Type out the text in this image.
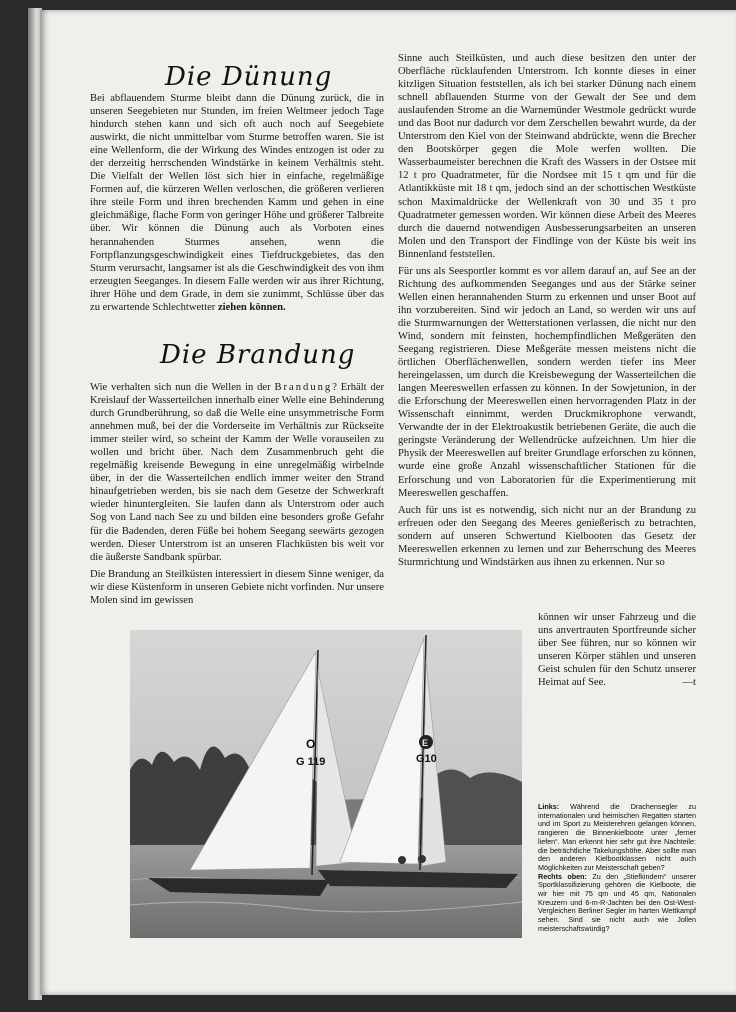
Die Dünung

Bei abflauendem Sturme bleibt dann die Dünung zurück, die in unseren Seegebieten nur Stunden, im freien Weltmeer jedoch Tage hindurch stehen kann und sich oft auch noch auf Seegebiete auswirkt, die nicht unmittelbar vom Sturme betroffen waren. Sie ist eine Wellenform, die der Wirkung des Windes entzogen ist oder zu der derzeitig herrschenden Windstärke in keinem Verhältnis steht. Die Vielfalt der Wellen löst sich hier in einfache, regelmäßige Formen auf, die kürzeren Wellen verloschen, die größeren verlieren ihre steile Form und ihren brechenden Kamm und gehen in eine gleichmäßige, flache Form von geringer Höhe und größerer Talbreite über. Wir können die Dünung auch als Vorboten eines herannahenden Sturmes ansehen, wenn die Fortpflanzungsgeschwindigkeit eines Tiefdruckgebietes, das den Sturm verursacht, langsamer ist als die Geschwindigkeit des von ihm erzeugten Seeganges. In diesem Falle werden wir aus ihrer Richtung, ihrer Höhe und dem Grade, in dem sie zunimmt, Schlüsse über das zu erwartende Schlechtwetter ziehen können.

Die Brandung

Wie verhalten sich nun die Wellen in der Brandung? Erhält der Kreislauf der Wasserteilchen innerhalb einer Welle eine Behinderung durch Grundberührung, so daß die Welle eine unsymmetrische Form annehmen muß, bei der die Vorderseite im Verhältnis zur Rückseite immer steiler wird, so scheint der Kamm der Welle vorauseilen zu wollen und bricht über. Nach dem Zusammenbruch geht die regelmäßig kreisende Bewegung in eine unregelmäßig wirbelnde über, in der die Wasserteilchen endlich immer weiter den Strand hinaufgetrieben werden, bis sie nach dem Gesetze der Schwerkraft wieder hinuntergleiten. Sie laufen dann als Unterstrom oder auch Sog von Land nach See zu und bilden eine besonders große Gefahr für die Badenden, deren Füße bei hohem Seegang seewärts gezogen werden. Dieser Unterstrom ist an unseren Flachküsten bis weit vor die äußerste Sandbank spürbar.

Die Brandung an Steilküsten interessiert in diesem Sinne weniger, da wir diese Küstenform in unseren Gebiete nicht vorfinden. Nur unsere Molen sind im gewissen

Sinne auch Steilküsten, und auch diese besitzen den unter der Oberfläche rücklaufenden Unterstrom. Ich konnte dieses in einer kitzligen Situation feststellen, als ich bei starker Dünung nach einem schnell abflauenden Sturme von der Gewalt der See und dem auslaufenden Strome an die Warnemünder Westmole gedrückt wurde und das Boot nur dadurch vor dem Zerschellen bewahrt wurde, da der Unterstrom den Kiel von der Steinwand abdrückte, wenn die Brecher den Bootskörper gegen die Mole werfen wollten. Die Wasserbaumeister berechnen die Kraft des Wassers in der Ostsee mit 12 t pro Quadratmeter, für die Nordsee mit 15 t qm und für die Atlantikküste mit 18 t qm, jedoch sind an der schottischen Westküste schon Maximaldrücke der Wellenkraft von 30 und 35 t pro Quadratmeter gemessen worden. Wir können diese Arbeit des Meeres durch die dauernd notwendigen Ausbesserungsarbeiten an unseren Molen und den Transport der Findlinge von der Küste bis weit ins Binnenland feststellen.

Für uns als Seesportler kommt es vor allem darauf an, auf See an der Richtung des aufkommenden Seeganges und aus der Stärke seiner Wellen einen herannahenden Sturm zu erkennen und unser Boot auf ihn vorzubereiten. Sind wir jedoch an Land, so werden wir uns auf die Sturmwarnungen der Wetterstationen verlassen, die nicht nur den Wind, sondern mit feinsten, hochempfindlichen Meßgeräten den Seegang registrieren. Diese Meßgeräte messen meistens nicht die örtlichen Oberflächenwellen, sondern werden tiefer ins Meer hereingelassen, um durch die Kreisbewegung der Wasserteilchen die langen Meereswellen erfassen zu können. In der Sowjetunion, in der die Erforschung der Meereswellen einen hervorragenden Platz in der Wissenschaft einnimmt, werden Druckmikrophone verwandt, Verwandte der in der Elektroakustik betriebenen Geräte, die auch die geringste Veränderung der Wellendrücke aufzeichnen. Um hier die Physik der Meereswellen auf breiter Grundlage erforschen zu können, wurde eine große Anzahl wissenschaftlicher Stationen für die Erforschung und von Laboratorien für die Experimentierung mit Meereswellen geschaffen.

Auch für uns ist es notwendig, sich nicht nur an der Brandung zu erfreuen oder den Seegang des Meeres genießerisch zu betrachten, sondern auf unseren Schwertund Kielbooten das Gesetz der Meereswellen erkennen zu lernen und zur Beherrschung des Meeres Sturmrichtung und Windstärken aus ihnen zu erkennen. Nur so

können wir unser Fahrzeug und die uns anvertrauten Sportfreunde sicher über See führen, nur so können wir unseren Körper stählen und unseren Geist schulen für den Schutz unserer Heimat auf See.	—t
O
G 119
E
G10
Links: Während die Drachensegler zu internationalen und heimischen Regatten starten und im Sport zu Meisterehren gelangen können, rangieren die Binnenkielboote unter „ferner liefen“. Man erkennt hier sehr gut ihre Nachteile: die beträchtliche Takelungshöhe. Aber sollte man den anderen Kielbootklassen nicht auch Möglichkeiten zur Meisterschaft geben?
Rechts oben: Zu den „Stiefkindern“ unserer Sportklassifizierung gehören die Kielboote, die wir hier mit 75 qm und 45 qm, Nationalen Kreuzern und 6-m-R-Jachten bei den Ost-West-Vergleichen Berliner Segler im harten Wettkampf sehen. Sind sie nicht auch wie Jollen meisterschaftswürdig?
